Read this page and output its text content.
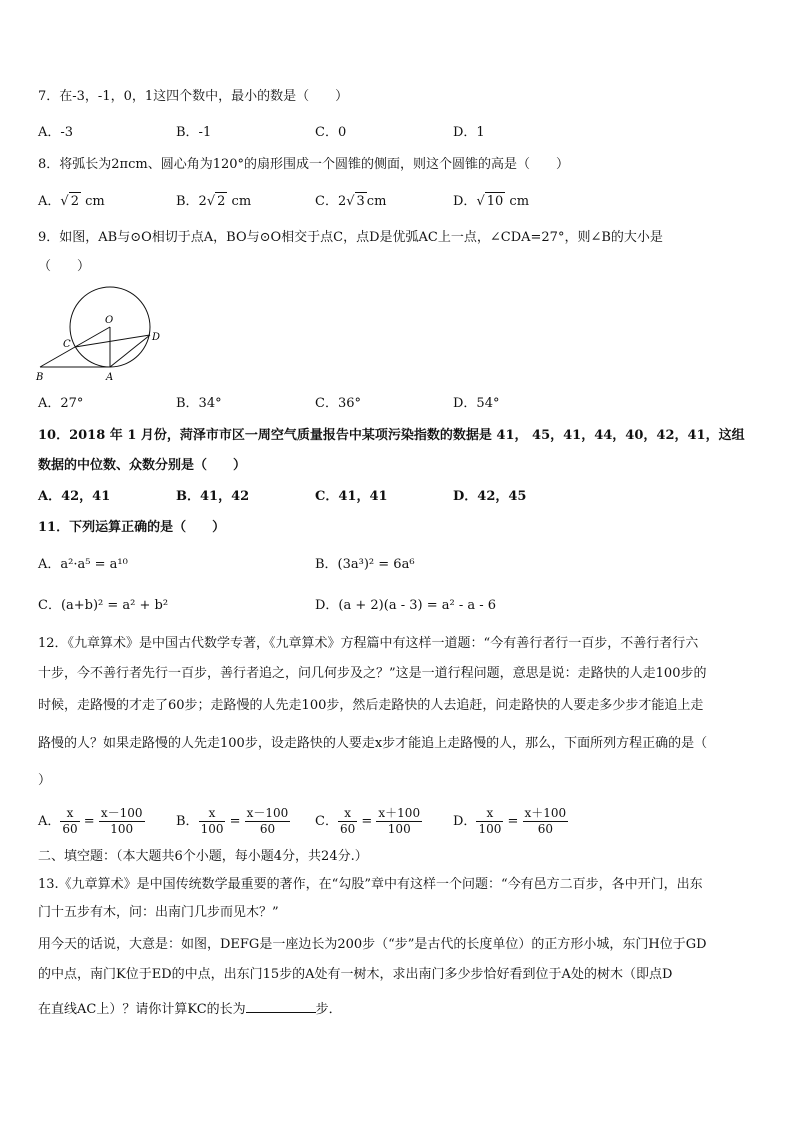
7．在-3，-1，0，1这四个数中，最小的数是（　　）
A．-3	B．-1	C．0	D．1
8．将弧长为2πcm、圆心角为120°的扇形围成一个圆锥的侧面，则这个圆锥的高是（　　）
A．√ 2 cm	B．2√ 2 cm	C．2√ 3 cm	D．√ 10 cm
9．如图，AB与⊙O相切于点A，BO与⊙O相交于点C，点D是优弧AC上一点，∠CDA=27°，则∠B的大小是
（　　）
O
C
D
B	A
A．27°	B．34°	C．36°	D．54°
10．2018 年 1 月份，菏泽市市区一周空气质量报告中某项污染指数的数据是 41， 45，41，44，40，42，41，这组
数据的中位数、众数分别是（　　）
A．42，41	B．41，42	C．41，41	D．42，45
11．下列运算正确的是（　　）
A．a²·a⁵ = a¹⁰	B．(3a³)² = 6a⁶
C．(a+b)² = a² + b²	D．(a + 2)(a - 3) = a² - a - 6
12．《九章算术》是中国古代数学专著，《九章算术》方程篇中有这样一道题：“今有善行者行一百步，不善行者行六
十步，今不善行者先行一百步，善行者追之，问几何步及之？”这是一道行程问题，意思是说：走路快的人走100步的
时候，走路慢的才走了60步；走路慢的人先走100步，然后走路快的人去追赶，问走路快的人要走多少步才能追上走
路慢的人？如果走路慢的人先走100步，设走路快的人要走x步才能追上走路慢的人，那么，下面所列方程正确的是（
）
A． $\frac{x}{60} = \frac{x-100}{100}$ B． $\frac{x}{100} = \frac{x-100}{60}$ C． $\frac{x}{60} = \frac{x+100}{100}$ D． $\frac{x}{100} = \frac{x+100}{60}$
二、填空题：（本大题共6个小题，每小题4分，共24分.）
13.《九章算术》是中国传统数学最重要的著作，在“勾股”章中有这样一个问题：“今有邑方二百步，各中开门，出东
门十五步有木，问：出南门几步而见木？”
用今天的话说，大意是：如图，DEFG是一座边长为200步（“步”是古代的长度单位）的正方形小城，东门H位于GD
的中点，南门K位于ED的中点，出东门15步的A处有一树木，求出南门多少步恰好看到位于A处的树木（即点D
在直线AC上）？请你计算KC的长为	步．
